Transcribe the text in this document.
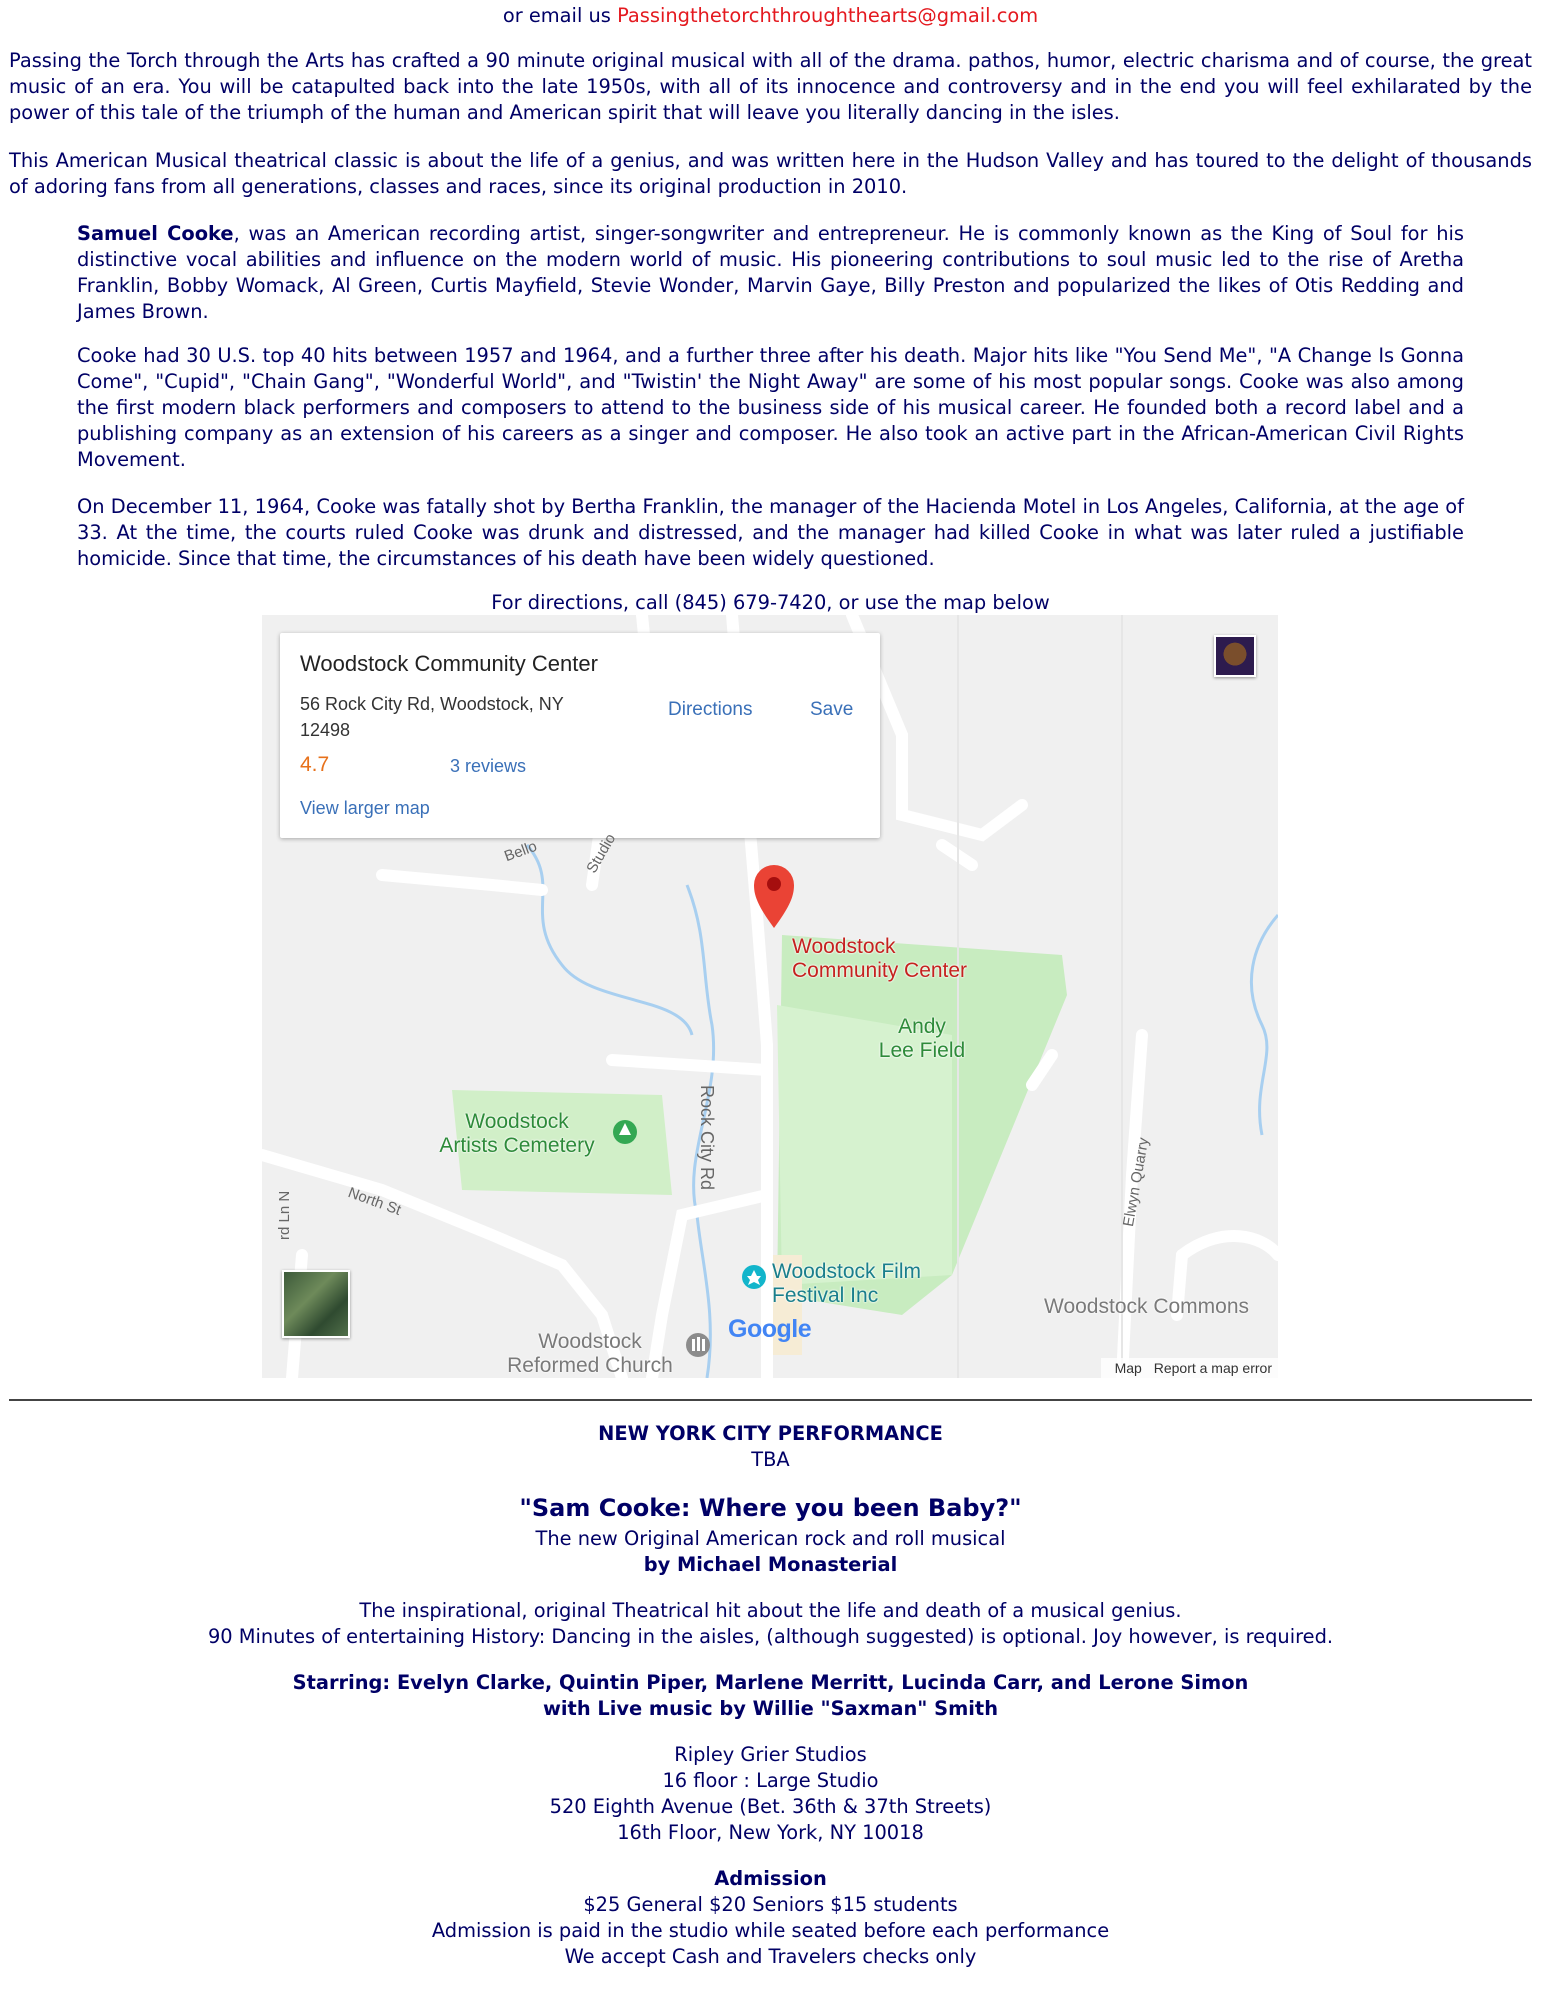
or email us Passingthetorchthroughthearts@gmail.com

Passing the Torch through the Arts has crafted a 90 minute original musical with all of the drama. pathos, humor, electric charisma and of course, the great music of an era. You will be catapulted back into the late 1950s, with all of its innocence and controversy and in the end you will feel exhilarated by the power of this tale of the triumph of the human and American spirit that will leave you literally dancing in the isles.

This American Musical theatrical classic is about the life of a genius, and was written here in the Hudson Valley and has toured to the delight of thousands of adoring fans from all generations, classes and races, since its original production in 2010.

Samuel Cooke, was an American recording artist, singer-songwriter and entrepreneur. He is commonly known as the King of Soul for his distinctive vocal abilities and influence on the modern world of music. His pioneering contributions to soul music led to the rise of Aretha Franklin, Bobby Womack, Al Green, Curtis Mayfield, Stevie Wonder, Marvin Gaye, Billy Preston and popularized the likes of Otis Redding and James Brown.

Cooke had 30 U.S. top 40 hits between 1957 and 1964, and a further three after his death. Major hits like "You Send Me", "A Change Is Gonna Come", "Cupid", "Chain Gang", "Wonderful World", and "Twistin' the Night Away" are some of his most popular songs. Cooke was also among the first modern black performers and composers to attend to the business side of his musical career. He founded both a record label and a publishing company as an extension of his careers as a singer and composer. He also took an active part in the African-American Civil Rights Movement.

On December 11, 1964, Cooke was fatally shot by Bertha Franklin, the manager of the Hacienda Motel in Los Angeles, California, at the age of 33. At the time, the courts ruled Cooke was drunk and distressed, and the manager had killed Cooke in what was later ruled a justifiable homicide. Since that time, the circumstances of his death have been widely questioned.

For directions, call (845) 679-7420, or use the map below
Woodstock Community Center
56 Rock City Rd, Woodstock, NY 12498
Directions	Save
4.7	3 reviews
View larger map
Woodstock
Community Center
Andy
Lee Field
Woodstock
Artists Cemetery
Woodstock Film
Festival Inc	Woodstock Commons
Woodstock
Reformed Church
Rock City Rd
North St	Elwyn Quarry
Studio
Bello
rd Ln N
Google
Map Report a map error
NEW YORK CITY PERFORMANCE
TBA
"Sam Cooke: Where you been Baby?"
The new Original American rock and roll musical
by Michael Monasterial
The inspirational, original Theatrical hit about the life and death of a musical genius.
90 Minutes of entertaining History: Dancing in the aisles, (although suggested) is optional. Joy however, is required.
Starring: Evelyn Clarke, Quintin Piper, Marlene Merritt, Lucinda Carr, and Lerone Simon
with Live music by Willie "Saxman" Smith
Ripley Grier Studios
16 floor : Large Studio
520 Eighth Avenue (Bet. 36th & 37th Streets)
16th Floor, New York, NY 10018
Admission
$25 General $20 Seniors $15 students
Admission is paid in the studio while seated before each performance
We accept Cash and Travelers checks only
